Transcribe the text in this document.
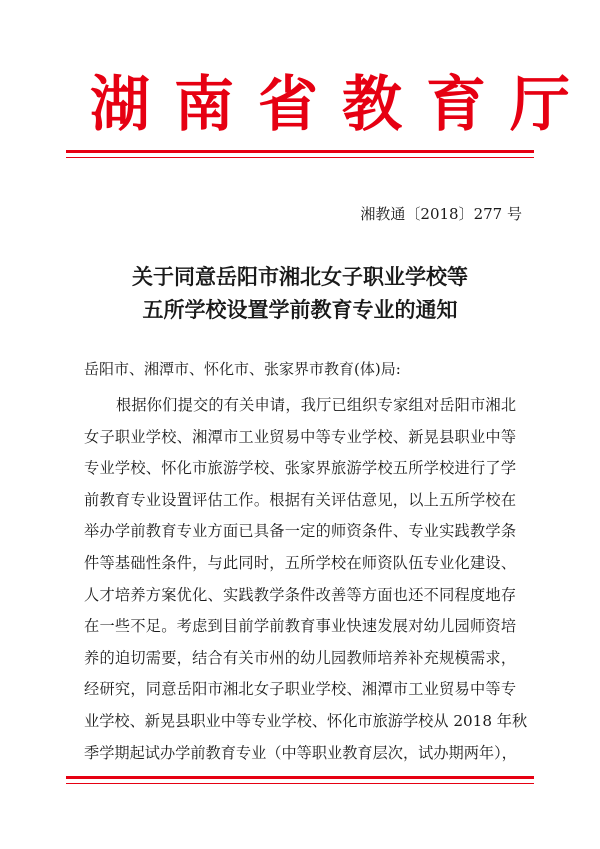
湖南省教育厅
湘教通〔2018〕277 号
关于同意岳阳市湘北女子职业学校等
五所学校设置学前教育专业的通知
岳阳市、湘潭市、怀化市、张家界市教育(体)局:
根据你们提交的有关申请，我厅已组织专家组对岳阳市湘北
女子职业学校、湘潭市工业贸易中等专业学校、新晃县职业中等
专业学校、怀化市旅游学校、张家界旅游学校五所学校进行了学
前教育专业设置评估工作。根据有关评估意见，以上五所学校在
举办学前教育专业方面已具备一定的师资条件、专业实践教学条
件等基础性条件，与此同时，五所学校在师资队伍专业化建设、
人才培养方案优化、实践教学条件改善等方面也还不同程度地存
在一些不足。考虑到目前学前教育事业快速发展对幼儿园师资培
养的迫切需要，结合有关市州的幼儿园教师培养补充规模需求，
经研究，同意岳阳市湘北女子职业学校、湘潭市工业贸易中等专
业学校、新晃县职业中等专业学校、怀化市旅游学校从 2018 年秋
季学期起试办学前教育专业（中等职业教育层次，试办期两年），
